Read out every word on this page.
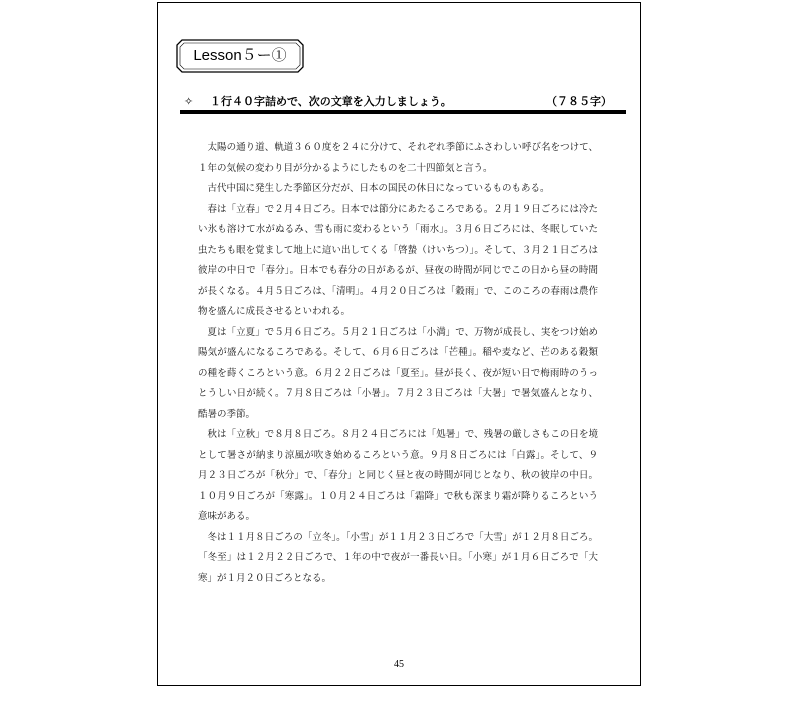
Lesson５ー①
✧ １行４０字詰めで、次の文章を入力しましょう。	（７８５字）

太陽の通り道、軌道３６０度を２４に分けて、それぞれ季節にふさわしい呼び名をつけて、１年の気候の変わり目が分かるようにしたものを二十四節気と言う。

古代中国に発生した季節区分だが、日本の国民の休日になっているものもある。

春は「立春」で２月４日ごろ。日本では節分にあたるころである。２月１９日ごろには冷たい氷も溶けて水がぬるみ、雪も雨に変わるという「雨水」。３月６日ごろには、冬眠していた虫たちも眼を覚まして地上に這い出してくる「啓蟄（けいちつ）」。そして、３月２１日ごろは彼岸の中日で「春分」。日本でも春分の日があるが、昼夜の時間が同じでこの日から昼の時間が長くなる。４月５日ごろは、「清明」。４月２０日ごろは「穀雨」で、このころの春雨は農作物を盛んに成長させるといわれる。

夏は「立夏」で５月６日ごろ。５月２１日ごろは「小満」で、万物が成長し、実をつけ始め陽気が盛んになるころである。そして、６月６日ごろは「芒種」。稲や麦など、芒のある穀類の種を蒔くころという意。６月２２日ごろは「夏至」。昼が長く、夜が短い日で梅雨時のうっとうしい日が続く。７月８日ごろは「小暑」。７月２３日ごろは「大暑」で暑気盛んとなり、酷暑の季節。

秋は「立秋」で８月８日ごろ。８月２４日ごろには「処暑」で、残暑の厳しさもこの日を境として暑さが納まり涼風が吹き始めるころという意。９月８日ごろには「白露」。そして、９月２３日ごろが「秋分」で、「春分」と同じく昼と夜の時間が同じとなり、秋の彼岸の中日。１０月９日ごろが「寒露」。１０月２４日ごろは「霜降」で秋も深まり霜が降りるころという意味がある。

冬は１１月８日ごろの「立冬」。「小雪」が１１月２３日ごろで「大雪」が１２月８日ごろ。「冬至」は１２月２２日ごろで、１年の中で夜が一番長い日。「小寒」が１月６日ごろで「大寒」が１月２０日ごろとなる。

45
